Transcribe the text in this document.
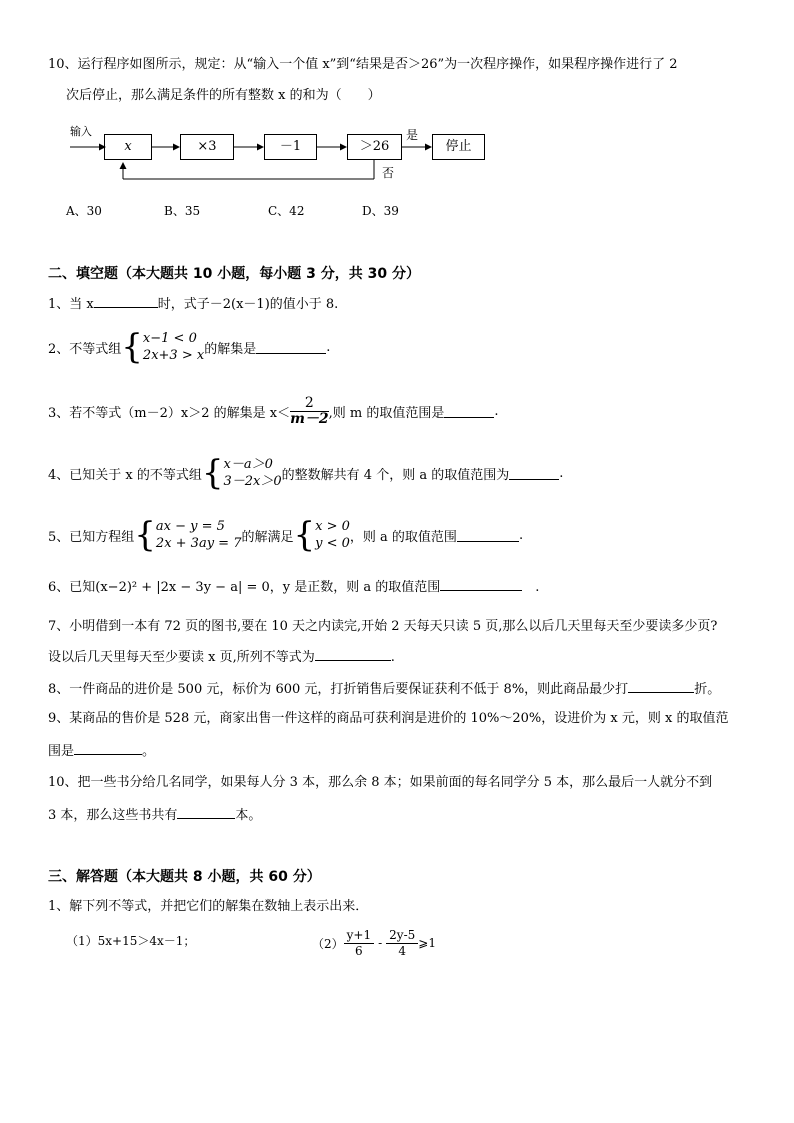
10、运行程序如图所示，规定：从“输入一个值 x”到“结果是否＞26”为一次程序操作，如果程序操作进行了 2
次后停止，那么满足条件的所有整数 x 的和为（　　）
输入
x	×3	－1	＞26	停止
是
否
A、30	B、35	C、42	D、39
二、填空题（本大题共 10 小题，每小题 3 分，共 30 分）
1、当 x	时，式子－2(x－1)的值小于 8.
2、不等式组 { x−1 < 0
2x+3 > x 的解集是	.
3、若不等式（m－2）x＞2 的解集是 $x< \frac{2}{m-2}$ ,则 m 的取值范围是	.
4、已知关于 x 的不等式组 { x－a＞0
3－2x＞0 的整数解共有 4 个，则 a 的取值范围为	.
5、已知方程组 { ax − y = 5
2x + 3ay = 7 的解满足 { x > 0
y < 0 ，则 a 的取值范围	.
6、已知(x−2)² + |2x − 3y − a| = 0，y 是正数，则 a 的取值范围	　.
7、小明借到一本有 72 页的图书,要在 10 天之内读完,开始 2 天每天只读 5 页,那么以后几天里每天至少要读多少页?
设以后几天里每天至少要读 x 页,所列不等式为	.
8、一件商品的进价是 500 元，标价为 600 元，打折销售后要保证获利不低于 8%，则此商品最少打	折。
9、某商品的售价是 528 元，商家出售一件这样的商品可获利润是进价的 10%～20%，设进价为 x 元，则 x 的取值范
围是	。
10、把一些书分给几名同学，如果每人分 3 本，那么余 8 本；如果前面的每名同学分 5 本，那么最后一人就分不到
3 本，那么这些书共有	本。
三、解答题（本大题共 8 小题，共 60 分）
1、解下列不等式，并把它们的解集在数轴上表示出来．
（1）5x+15＞4x－1；	$(2) \frac{y+1}{6} - \frac{2y-5}{4}$ ⩾1
